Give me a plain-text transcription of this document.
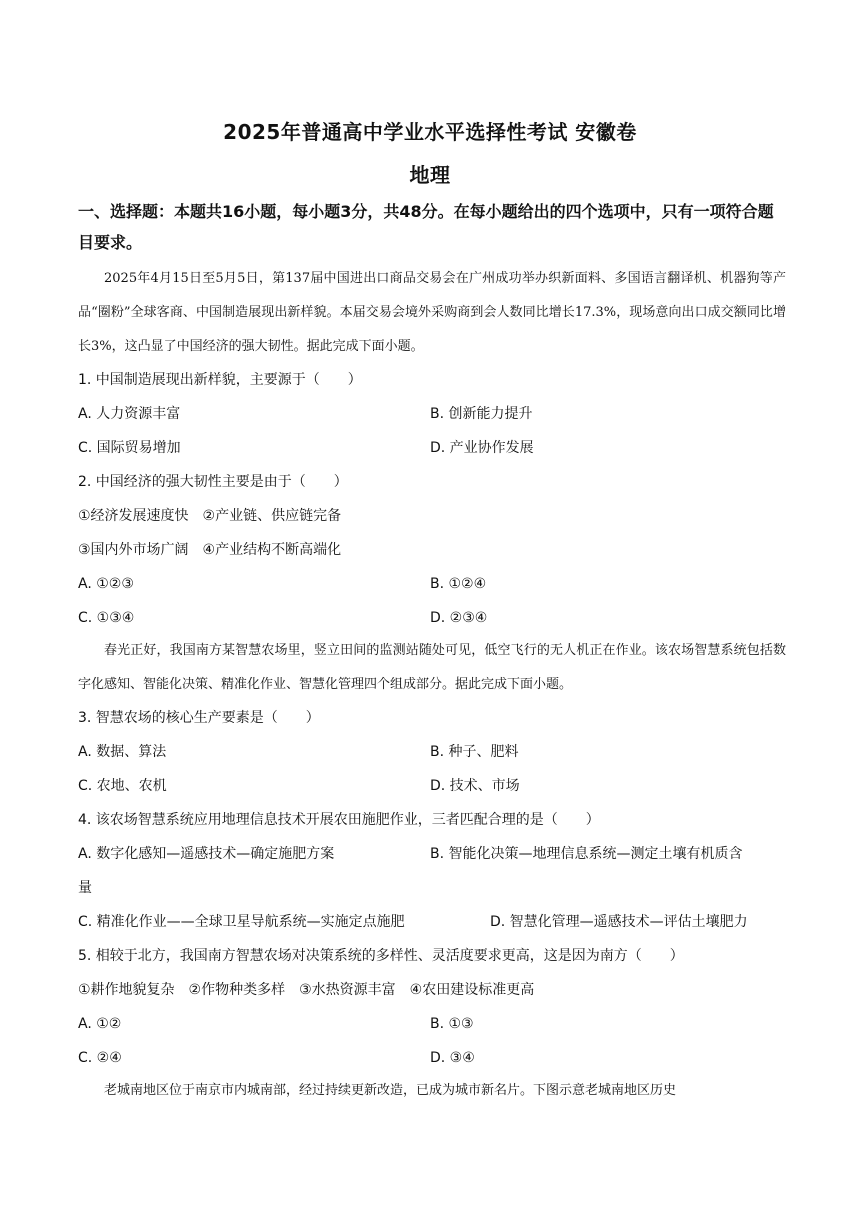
2025年普通高中学业水平选择性考试 安徽卷
地理
一、选择题：本题共16小题，每小题3分，共48分。在每小题给出的四个选项中，只有一项符合题目要求。
2025年4月15日至5月5日，第137届中国进出口商品交易会在广州成功举办织新面料、多国语言翻译机、机器狗等产品“圈粉”全球客商、中国制造展现出新样貌。本届交易会境外采购商到会人数同比增长17.3%，现场意向出口成交额同比增长3%，这凸显了中国经济的强大韧性。据此完成下面小题。
1. 中国制造展现出新样貌，主要源于（　　）
A. 人力资源丰富	B. 创新能力提升
C. 国际贸易增加	D. 产业协作发展
2. 中国经济的强大韧性主要是由于（　　）
①经济发展速度快　②产业链、供应链完备
③国内外市场广阔　④产业结构不断高端化
A. ①②③	B. ①②④
C. ①③④	D. ②③④
春光正好，我国南方某智慧农场里，竖立田间的监测站随处可见，低空飞行的无人机正在作业。该农场智慧系统包括数字化感知、智能化决策、精准化作业、智慧化管理四个组成部分。据此完成下面小题。
3. 智慧农场的核心生产要素是（　　）
A. 数据、算法	B. 种子、肥料
C. 农地、农机	D. 技术、市场
4. 该农场智慧系统应用地理信息技术开展农田施肥作业，三者匹配合理的是（　　）
A. 数字化感知—遥感技术—确定施肥方案	B. 智能化决策—地理信息系统—测定土壤有机质含
量
C. 精准化作业——全球卫星导航系统—实施定点施肥	D. 智慧化管理—遥感技术—评估土壤肥力
5. 相较于北方，我国南方智慧农场对决策系统的多样性、灵活度要求更高，这是因为南方（　　）
①耕作地貌复杂　②作物种类多样　③水热资源丰富　④农田建设标准更高
A. ①②	B. ①③
C. ②④	D. ③④
老城南地区位于南京市内城南部，经过持续更新改造，已成为城市新名片。下图示意老城南地区历史
